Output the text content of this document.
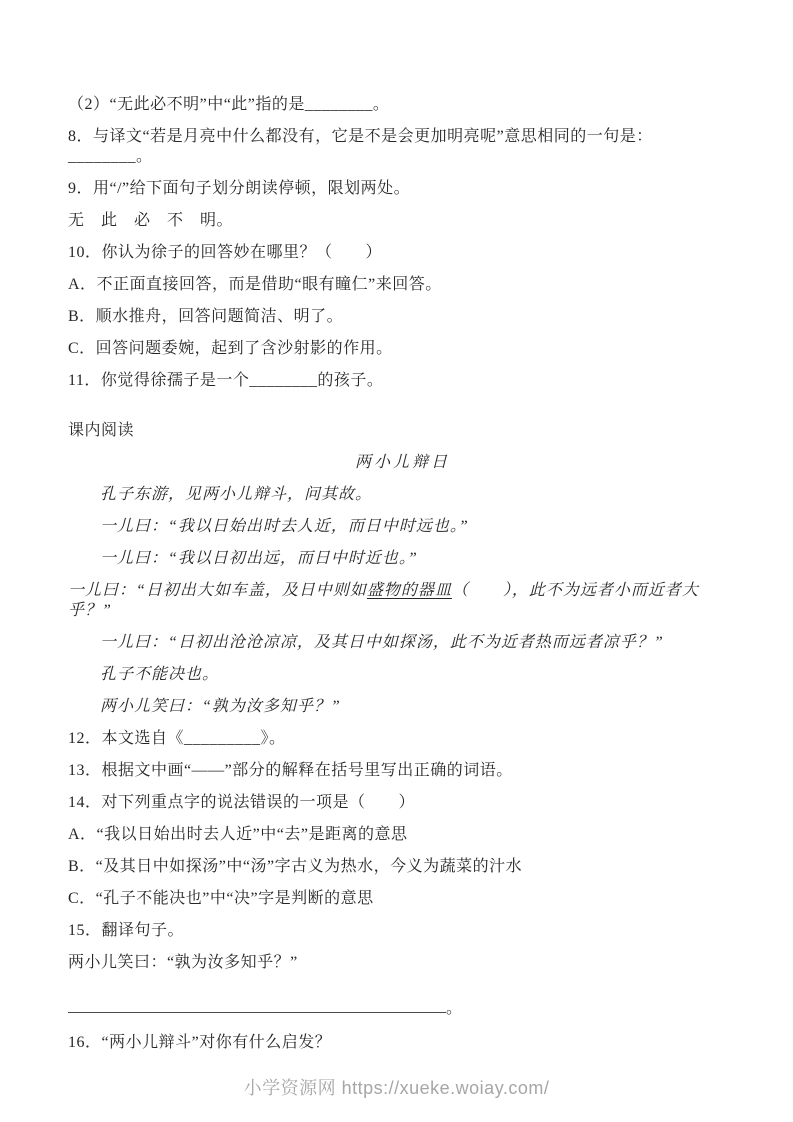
（2）“无此必不明”中“此”指的是________。
8．与译文“若是月亮中什么都没有，它是不是会更加明亮呢”意思相同的一句是：________。
9．用“/”给下面句子划分朗读停顿，限划两处。
无　此　必　不　明。
10．你认为徐子的回答妙在哪里？（　　）
A．不正面直接回答，而是借助“眼有瞳仁”来回答。
B．顺水推舟，回答问题简洁、明了。
C．回答问题委婉，起到了含沙射影的作用。
11．你觉得徐孺子是一个________的孩子。
课内阅读
两小儿辩日
孔子东游，见两小儿辩斗，问其故。
一儿曰：“我以日始出时去人近，而日中时远也。”
一儿曰：“我以日初出远，而日中时近也。”
一儿曰：“日初出大如车盖，及日中则如盛物的器皿（　　），此不为远者小而近者大乎？”
一儿曰：“日初出沧沧凉凉，及其日中如探汤，此不为近者热而远者凉乎？”
孔子不能决也。
两小儿笑曰：“孰为汝多知乎？”
12．本文选自《_________》。
13．根据文中画“——”部分的解释在括号里写出正确的词语。
14．对下列重点字的说法错误的一项是（　　）
A．“我以日始出时去人近”中“去”是距离的意思
B．“及其日中如探汤”中“汤”字古义为热水，今义为蔬菜的汁水
C．“孔子不能决也”中“决”字是判断的意思
15．翻译句子。
两小儿笑曰：“孰为汝多知乎？”
。
16．“两小儿辩斗”对你有什么启发？
小学资源网 https://xueke.woiay.com/
